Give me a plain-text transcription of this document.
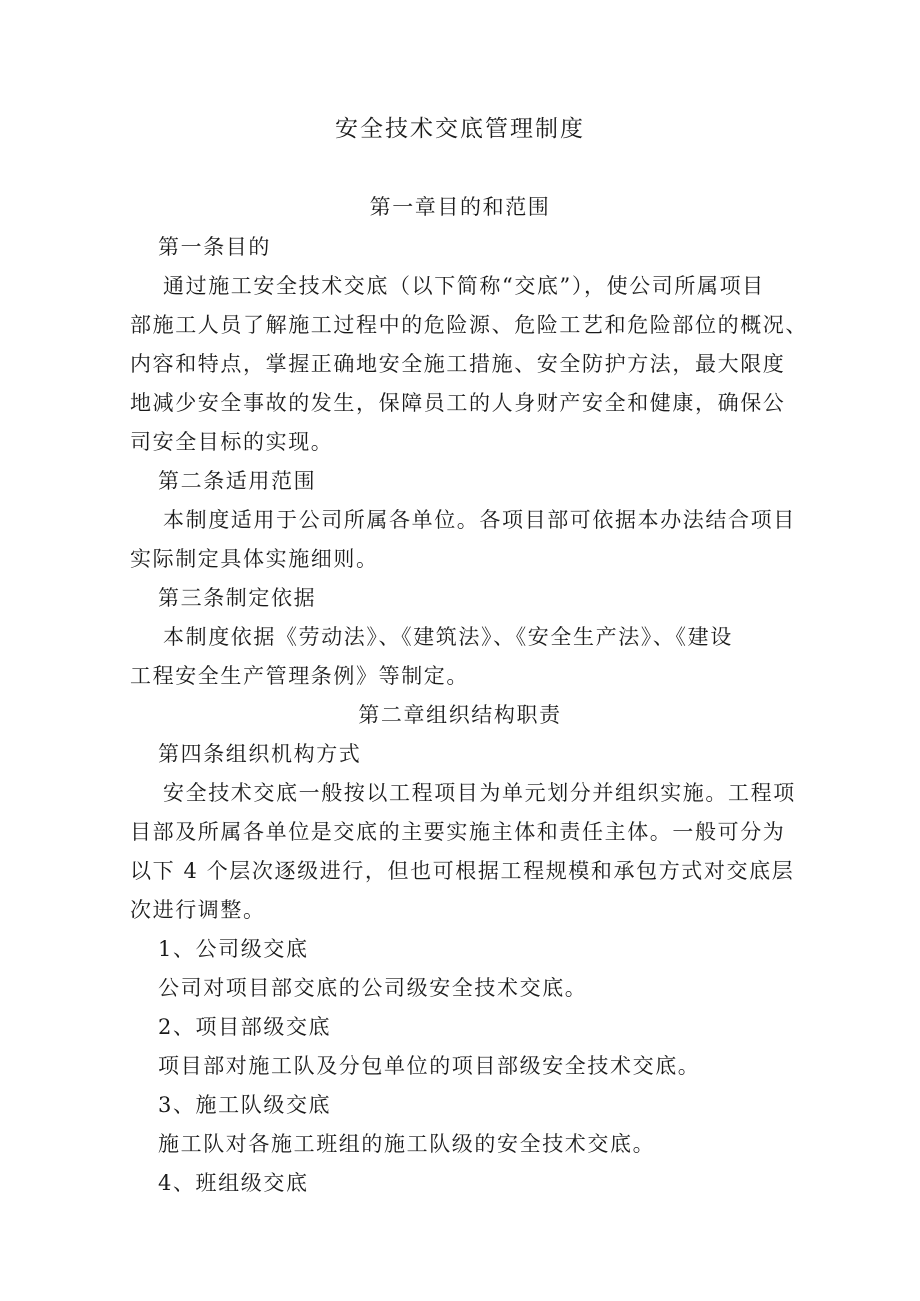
安全技术交底管理制度
第一章目的和范围
第一条目的
通过施工安全技术交底（以下简称“交底”），使公司所属项目
部施工人员了解施工过程中的危险源、危险工艺和危险部位的概况、
内容和特点，掌握正确地安全施工措施、安全防护方法，最大限度
地减少安全事故的发生，保障员工的人身财产安全和健康，确保公
司安全目标的实现。
第二条适用范围
本制度适用于公司所属各单位。各项目部可依据本办法结合项目
实际制定具体实施细则。
第三条制定依据
本制度依据《劳动法》、《建筑法》、《安全生产法》、《建设
工程安全生产管理条例》等制定。
第二章组织结构职责
第四条组织机构方式
安全技术交底一般按以工程项目为单元划分并组织实施。工程项
目部及所属各单位是交底的主要实施主体和责任主体。一般可分为
以下 4 个层次逐级进行，但也可根据工程规模和承包方式对交底层
次进行调整。
1、公司级交底
公司对项目部交底的公司级安全技术交底。
2、项目部级交底
项目部对施工队及分包单位的项目部级安全技术交底。
3、施工队级交底
施工队对各施工班组的施工队级的安全技术交底。
4、班组级交底
